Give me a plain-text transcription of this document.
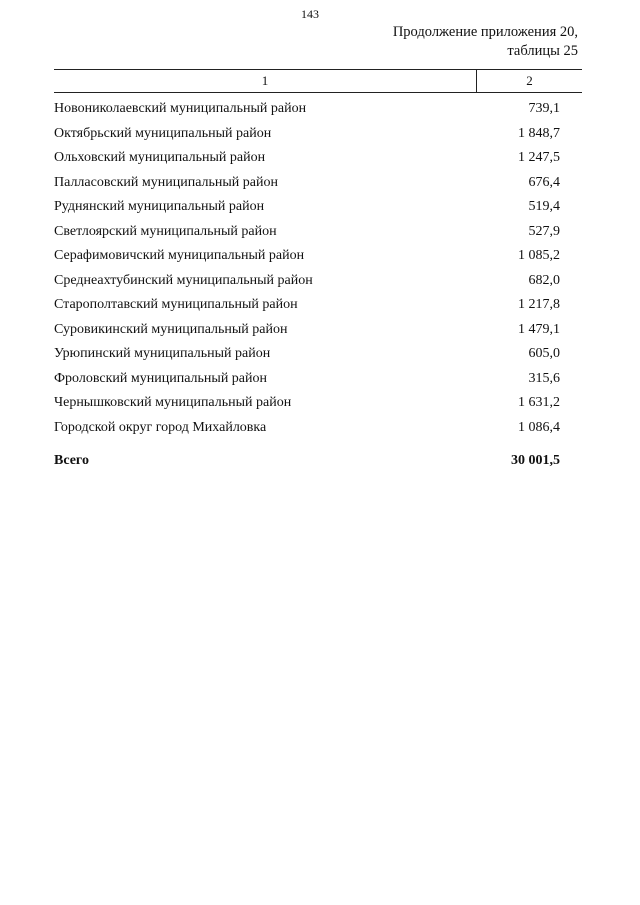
143
Продолжение приложения 20,
таблицы 25
1	2
Новониколаевский муниципальный район	739,1
Октябрьский муниципальный район	1 848,7
Ольховский муниципальный район	1 247,5
Палласовский муниципальный район	676,4
Руднянский муниципальный район	519,4
Светлоярский муниципальный район	527,9
Серафимовичский муниципальный район	1 085,2
Среднеахтубинский муниципальный район	682,0
Старополтавский муниципальный район	1 217,8
Суровикинский муниципальный район	1 479,1
Урюпинский муниципальный район	605,0
Фроловский муниципальный район	315,6
Чернышковский муниципальный район	1 631,2
Городской округ город Михайловка	1 086,4
Всего	30 001,5
